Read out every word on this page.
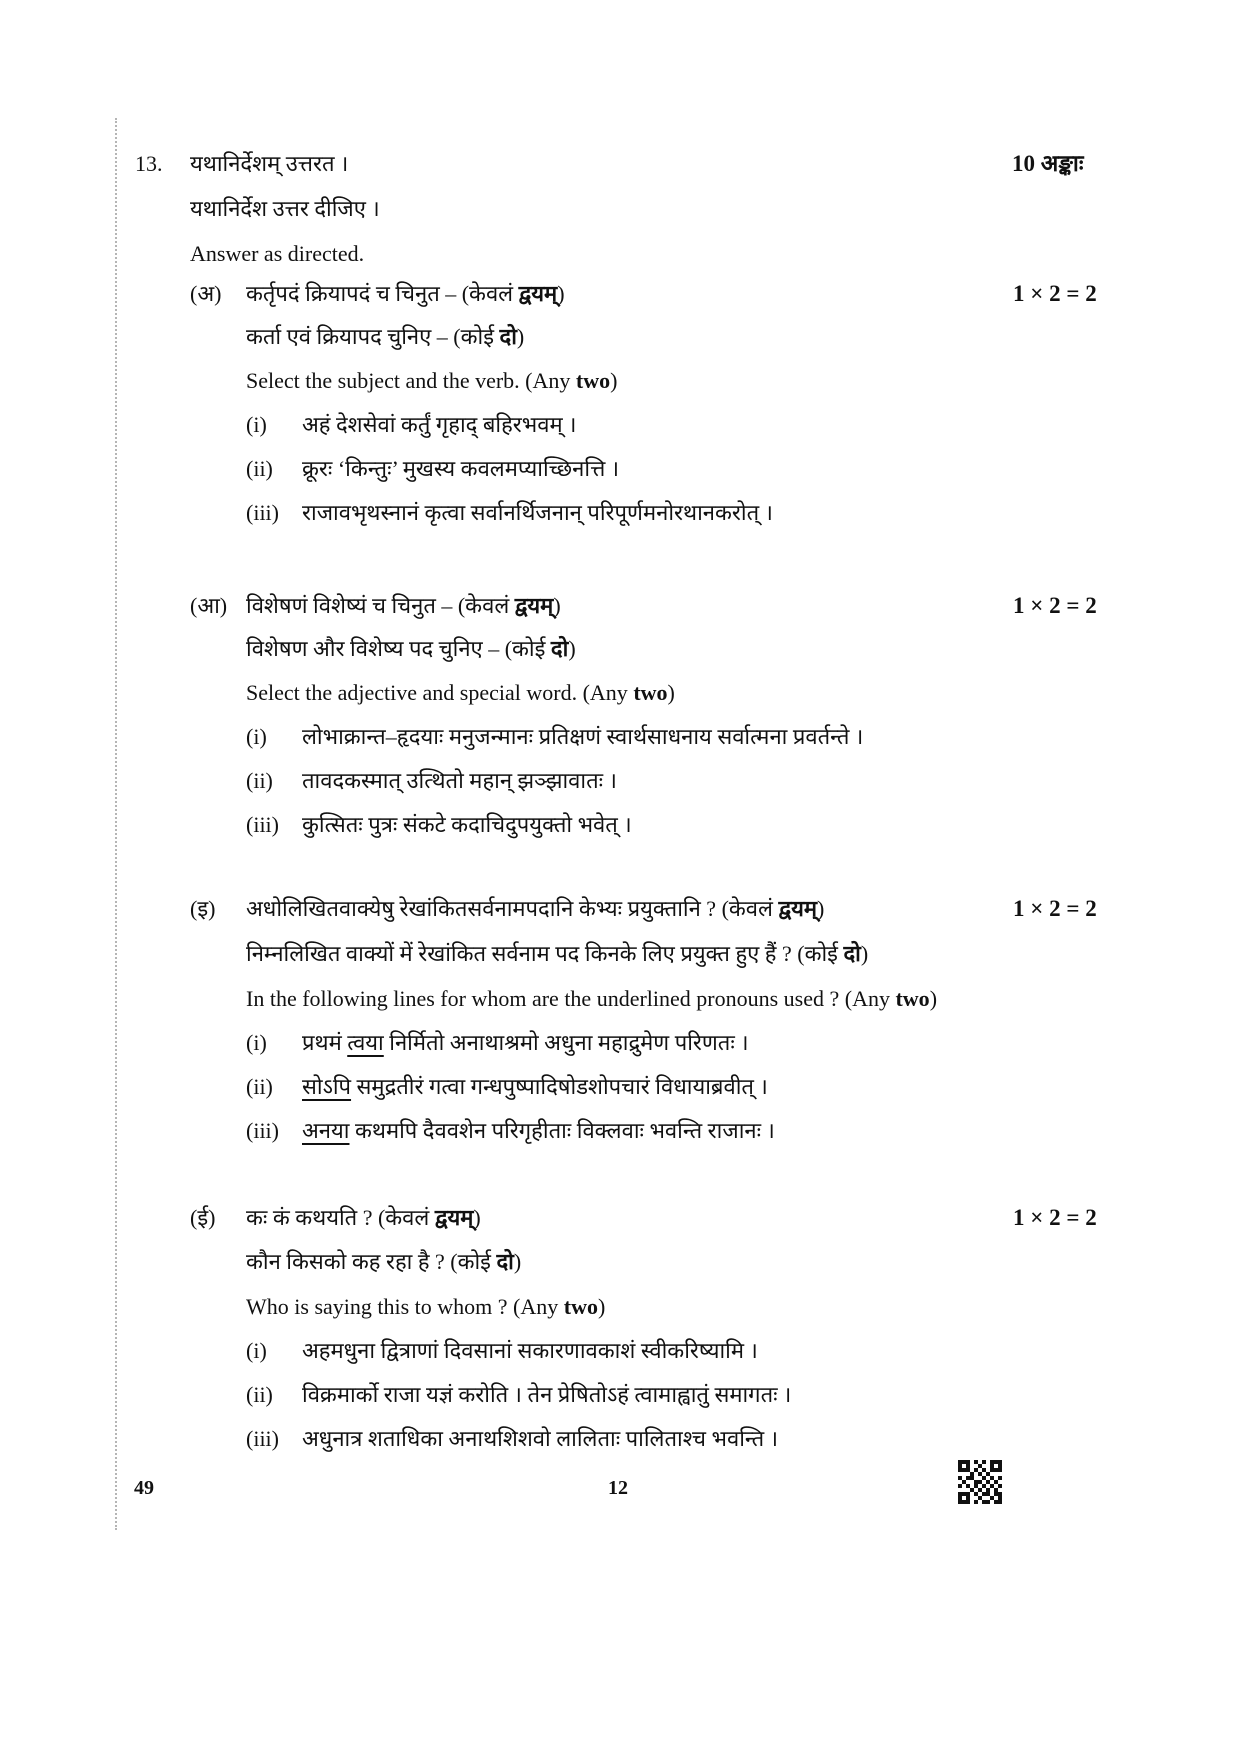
13. यथानिर्देशम् उत्तरत ।	10 अङ्काः
यथानिर्देश उत्तर दीजिए ।
Answer as directed.
(अ) कर्तृपदं क्रियापदं च चिनुत – (केवलं द्वयम्)	1 × 2 = 2
कर्ता एवं क्रियापद चुनिए – (कोई दो)
Select the subject and the verb. (Any two)
(i) अहं देशसेवां कर्तुं गृहाद् बहिरभवम् ।
(ii) क्रूरः ‘किन्तुः’ मुखस्य कवलमप्याच्छिनत्ति ।
(iii) राजावभृथस्नानं कृत्वा सर्वानर्थिजनान् परिपूर्णमनोरथानकरोत् ।
(आ) विशेषणं विशेष्यं च चिनुत – (केवलं द्वयम्)	1 × 2 = 2
विशेषण और विशेष्य पद चुनिए – (कोई दो)
Select the adjective and special word. (Any two)
(i) लोभाक्रान्त–हृदयाः मनुजन्मानः प्रतिक्षणं स्वार्थसाधनाय सर्वात्मना प्रवर्तन्ते ।
(ii) तावदकस्मात् उत्थितो महान् झञ्झावातः ।
(iii) कुत्सितः पुत्रः संकटे कदाचिदुपयुक्तो भवेत् ।
(इ) अधोलिखितवाक्येषु रेखांकितसर्वनामपदानि केभ्यः प्रयुक्तानि ? (केवलं द्वयम्)	1 × 2 = 2
निम्नलिखित वाक्यों में रेखांकित सर्वनाम पद किनके लिए प्रयुक्त हुए हैं ? (कोई दो)
In the following lines for whom are the underlined pronouns used ? (Any two)
(i) प्रथमं त्वया निर्मितो अनाथाश्रमो अधुना महाद्रुमेण परिणतः ।
(ii) सोऽपि समुद्रतीरं गत्वा गन्धपुष्पादिषोडशोपचारं विधायाब्रवीत् ।
(iii) अनया कथमपि दैववशेन परिगृहीताः विक्लवाः भवन्ति राजानः ।
(ई) कः कं कथयति ? (केवलं द्वयम्)	1 × 2 = 2
कौन किसको कह रहा है ? (कोई दो)
Who is saying this to whom ? (Any two)
(i) अहमधुना द्वित्राणां दिवसानां सकारणावकाशं स्वीकरिष्यामि ।
(ii) विक्रमार्को राजा यज्ञं करोति । तेन प्रेषितोऽहं त्वामाह्वातुं समागतः ।
(iii) अधुनात्र शताधिका अनाथशिशवो लालिताः पालिताश्च भवन्ति ।
49	12
